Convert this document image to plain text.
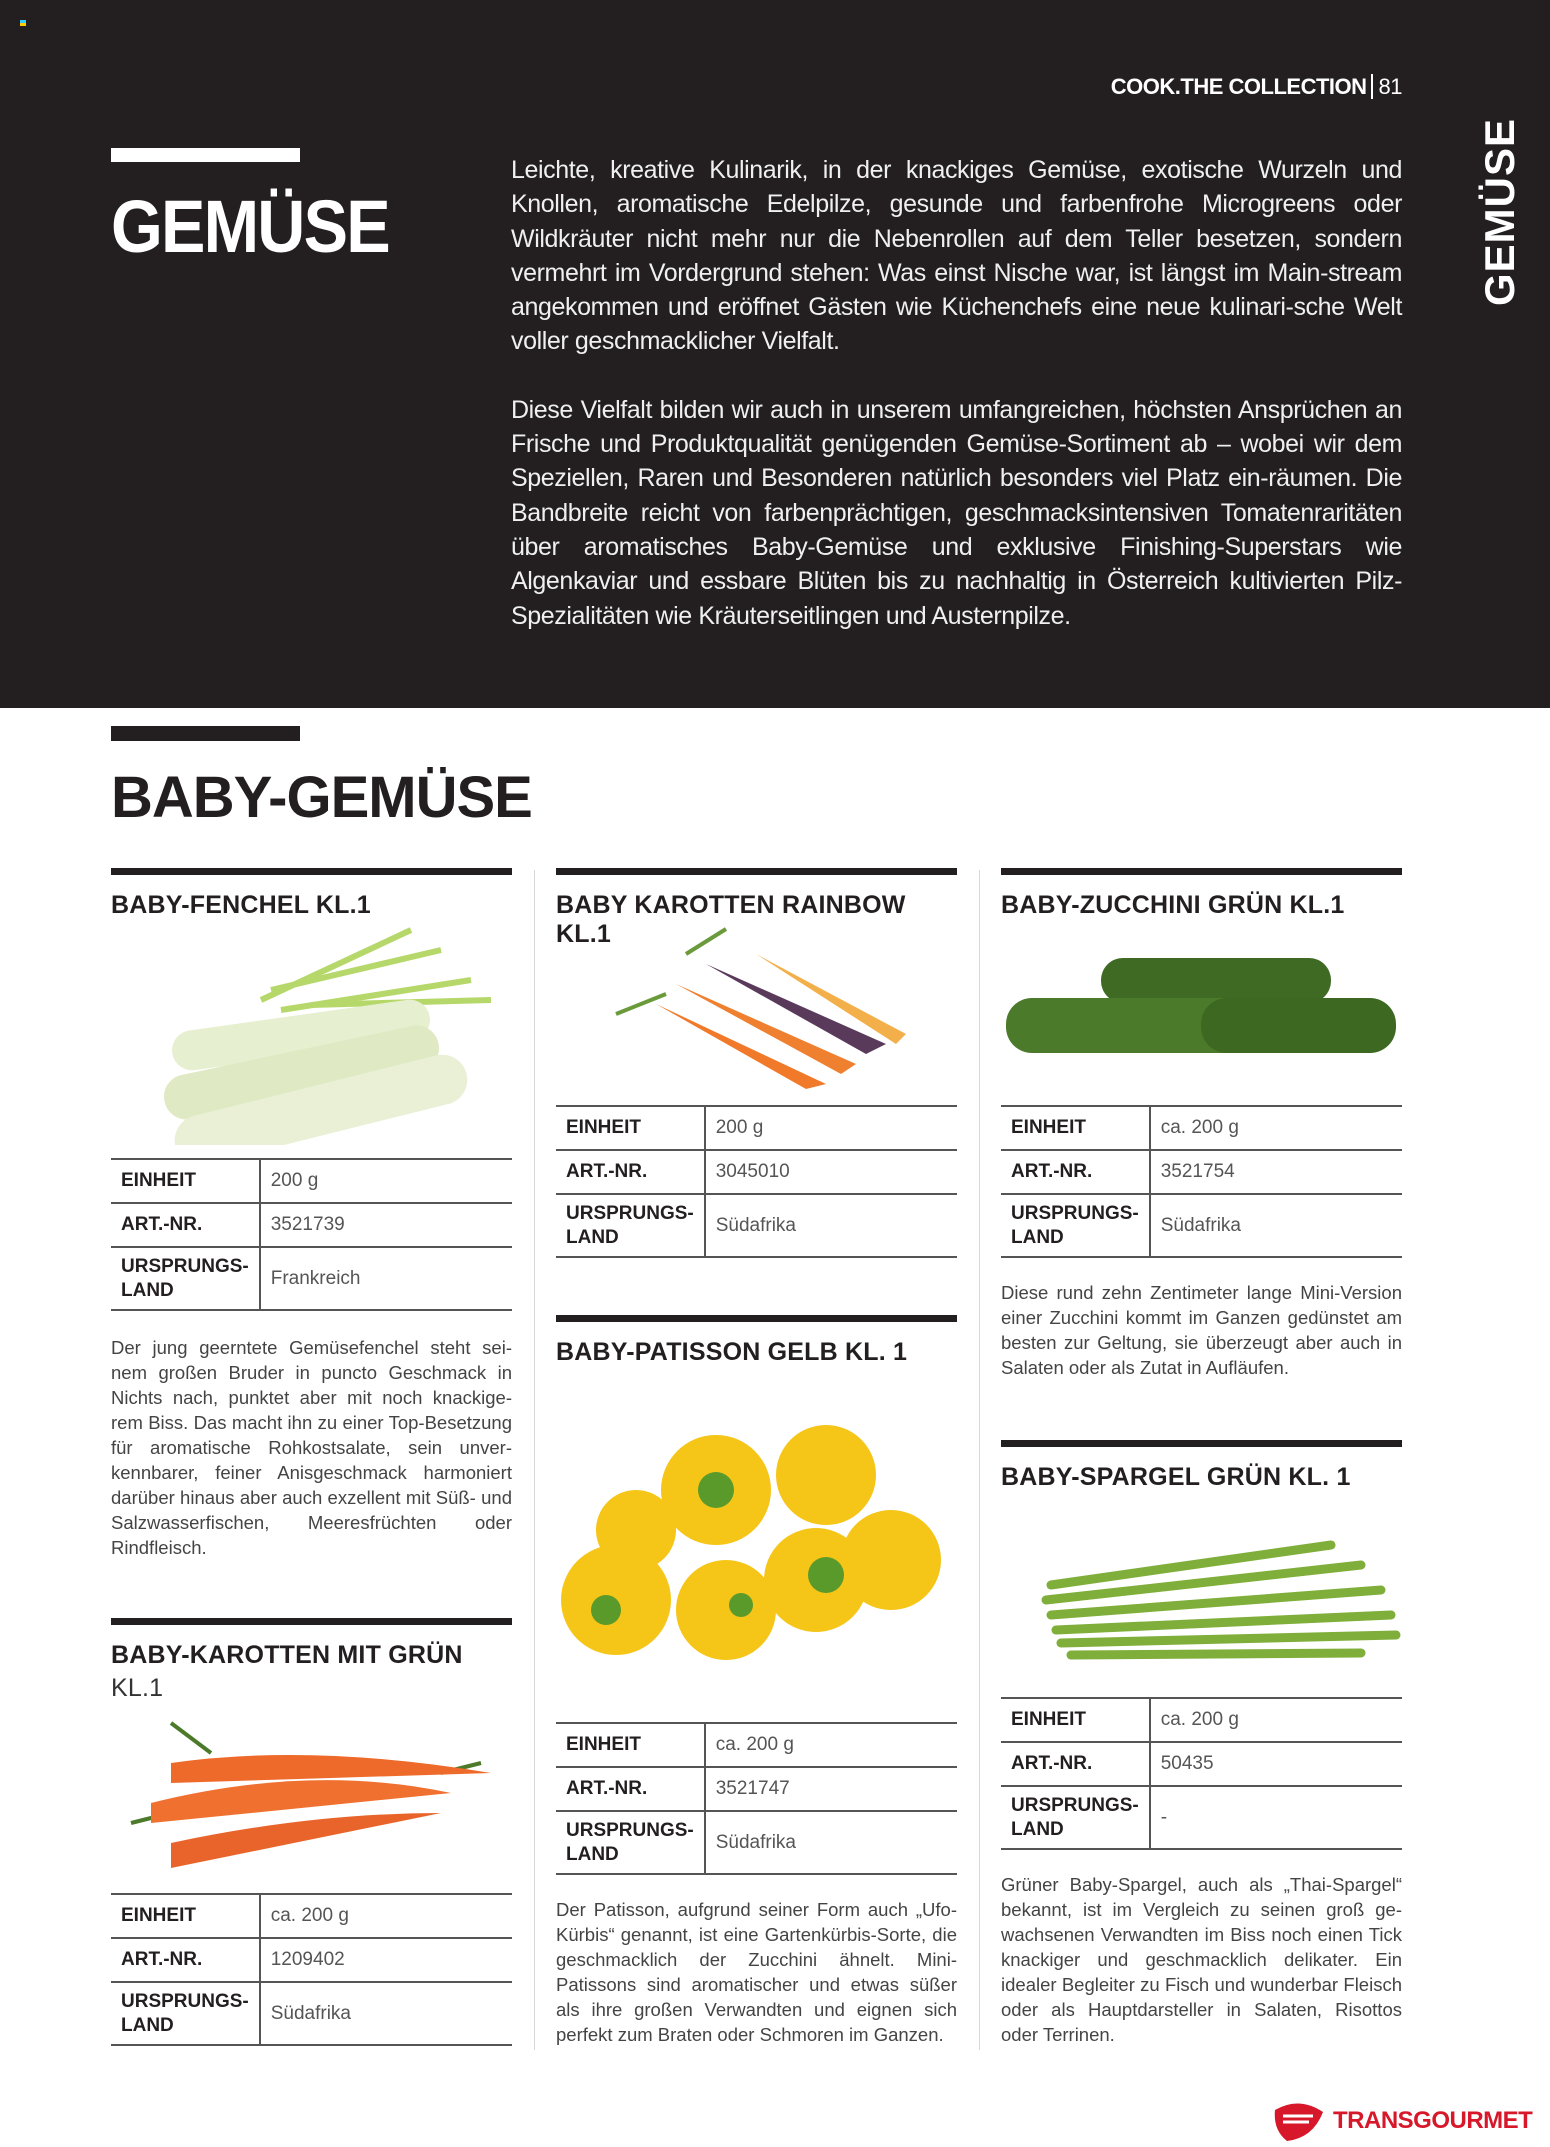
COOK.THE COLLECTION 81
GEMÜSE

Leichte, kreative Kulinarik, in der knackiges Gemüse, exotische Wurzeln und Knollen, aromatische Edelpilze, gesunde und farbenfrohe Microgreens oder Wildkräuter nicht mehr nur die Nebenrollen auf dem Teller besetzen, sondern vermehrt im Vordergrund stehen: Was einst Nische war, ist längst im Main-stream angekommen und eröffnet Gästen wie Küchenchefs eine neue kulinari-sche Welt voller geschmacklicher Vielfalt.

Diese Vielfalt bilden wir auch in unserem umfangreichen, höchsten Ansprüchen an Frische und Produktqualität genügenden Gemüse-Sortiment ab – wobei wir dem Speziellen, Raren und Besonderen natürlich besonders viel Platz ein-räumen. Die Bandbreite reicht von farbenprächtigen, geschmacksintensiven Tomatenraritäten über aromatisches Baby-Gemüse und exklusive Finishing-Superstars wie Algenkaviar und essbare Blüten bis zu nachhaltig in Österreich kultivierten Pilz-Spezialitäten wie Kräuterseitlingen und Austernpilze.

GEMÜSE
BABY-GEMÜSE
BABY-FENCHEL KL.1
EINHEIT	200 g
ART.-NR.	3521739
URSPRUNGS-LAND	Frankreich

Der jung geerntete Gemüsefenchel steht sei-nem großen Bruder in puncto Geschmack in Nichts nach, punktet aber mit noch knackige-rem Biss. Das macht ihn zu einer Top-Besetzung für aromatische Rohkostsalate, sein unver-kennbarer, feiner Anisgeschmack harmoniert darüber hinaus aber auch exzellent mit Süß- und Salzwasserfischen, Meeresfrüchten oder Rindfleisch.

BABY-KAROTTEN MIT GRÜN
KL.1
EINHEIT	ca. 200 g
ART.-NR.	1209402
URSPRUNGS-LAND	Südafrika
BABY KAROTTEN RAINBOW KL.1
EINHEIT	200 g
ART.-NR.	3045010
URSPRUNGS-LAND	Südafrika
BABY-PATISSON GELB KL. 1
EINHEIT	ca. 200 g
ART.-NR.	3521747
URSPRUNGS-LAND	Südafrika

Der Patisson, aufgrund seiner Form auch „Ufo-Kürbis“ genannt, ist eine Gartenkürbis-Sorte, die geschmacklich der Zucchini ähnelt. Mini-Patissons sind aromatischer und etwas süßer als ihre großen Verwandten und eignen sich perfekt zum Braten oder Schmoren im Ganzen.

BABY-ZUCCHINI GRÜN KL.1
EINHEIT	ca. 200 g
ART.-NR.	3521754
URSPRUNGS-LAND	Südafrika

Diese rund zehn Zentimeter lange Mini-Version einer Zucchini kommt im Ganzen gedünstet am besten zur Geltung, sie überzeugt aber auch in Salaten oder als Zutat in Aufläufen.

BABY-SPARGEL GRÜN KL. 1
EINHEIT	ca. 200 g
ART.-NR.	50435
URSPRUNGS-LAND	-

Grüner Baby-Spargel, auch als „Thai-Spargel“ bekannt, ist im Vergleich zu seinen groß ge-wachsenen Verwandten im Biss noch einen Tick knackiger und geschmacklich delikater. Ein idealer Begleiter zu Fisch und wunderbar Fleisch oder als Hauptdarsteller in Salaten, Risottos oder Terrinen.

TRANSGOURMET
